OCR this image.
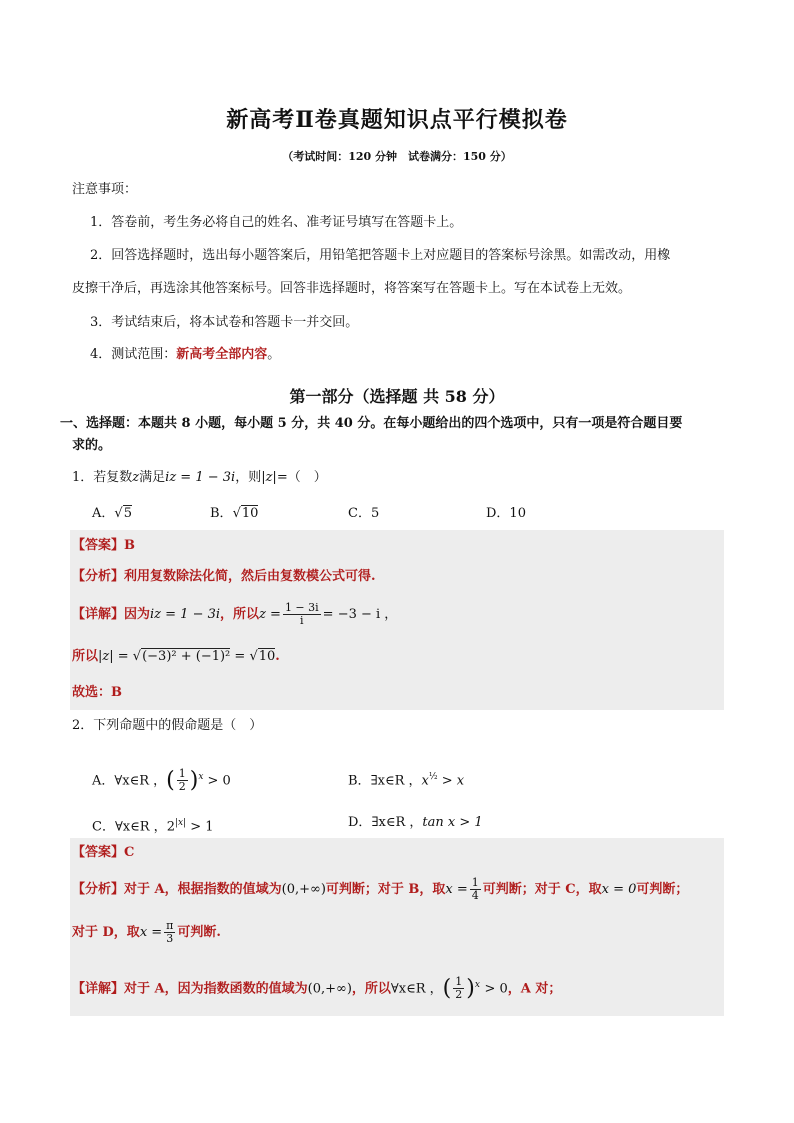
新高考Ⅱ卷真题知识点平行模拟卷
（考试时间：120 分钟　试卷满分：150 分）
注意事项：
1．答卷前，考生务必将自己的姓名、准考证号填写在答题卡上。
2．回答选择题时，选出每小题答案后，用铅笔把答题卡上对应题目的答案标号涂黑。如需改动，用橡
皮擦干净后，再选涂其他答案标号。回答非选择题时，将答案写在答题卡上。写在本试卷上无效。
3．考试结束后，将本试卷和答题卡一并交回。
4．测试范围：新高考全部内容。
第一部分（选择题 共 58 分）
一、选择题：本题共 8 小题，每小题 5 分，共 40 分。在每小题给出的四个选项中，只有一项是符合题目要
求的。
1．若复数z满足iz = 1 − 3i，则|z|=（　）
A．√5	B．√10	C．5	D．10
【答案】B
【分析】利用复数除法化简，然后由复数模公式可得.
【详解】因为iz = 1 − 3i，所以$z = \frac{1 - 3i}{i} = -3 - i$ ，
所以|z| = √(−3)² + (−1)² = √10.
故选：B
2．下列命题中的假命题是（　）
A．∀x∈R ，( $\frac{1}{2} )^x > 0$	B．∃x∈R ，$x^{\frac{1}{2}} > x$
C．∀x∈R ，$2^{|x|} > 1$	D．∃x∈R ，tan x > 1
【答案】C
【分析】对于 A，根据指数的值域为(0,+∞)可判断；对于 B，取$x = \frac{1}{4}$ 可判断；对于 C，取x = 0可判断；
对于 D，取$x = \frac{\pi}{3}$ 可判断.
【详解】对于 A，因为指数函数的值域为(0,+∞)，所以∀x∈R ，( $\frac{1}{2} )^x > 0$，A 对；
